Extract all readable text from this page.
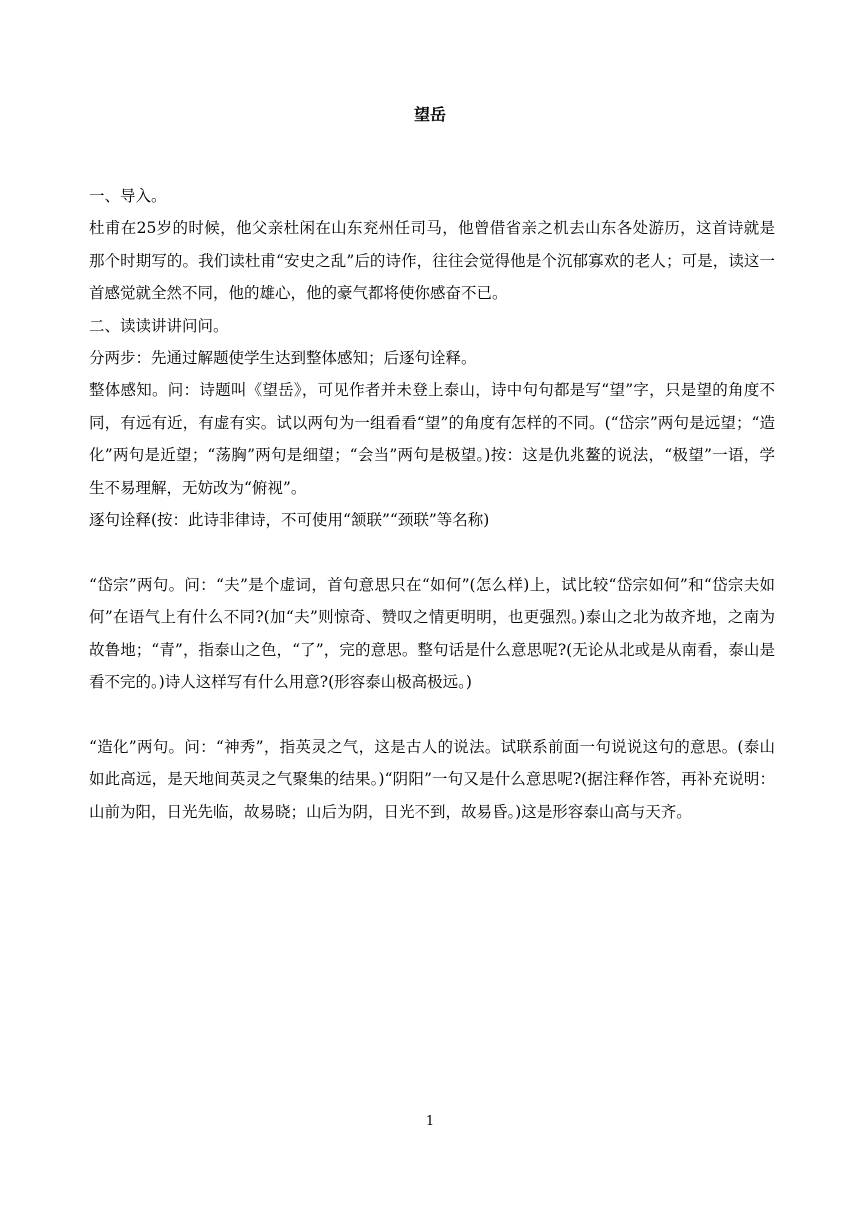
望岳

一、导入。

杜甫在25岁的时候，他父亲杜闲在山东兖州任司马，他曾借省亲之机去山东各处游历，这首诗就是那个时期写的。我们读杜甫“安史之乱”后的诗作，往往会觉得他是个沉郁寡欢的老人；可是，读这一首感觉就全然不同，他的雄心，他的豪气都将使你感奋不已。

二、读读讲讲问问。

分两步：先通过解题使学生达到整体感知；后逐句诠释。

整体感知。问：诗题叫《望岳》，可见作者并未登上泰山，诗中句句都是写“望”字，只是望的角度不同，有远有近，有虚有实。试以两句为一组看看“望”的角度有怎样的不同。(“岱宗”两句是远望；“造化”两句是近望；“荡胸”两句是细望；“会当”两句是极望。)按：这是仇兆鳌的说法，“极望”一语，学生不易理解，无妨改为“俯视”。

逐句诠释(按：此诗非律诗，不可使用“颔联”“颈联”等名称)

“岱宗”两句。问：“夫”是个虚词，首句意思只在“如何”(怎么样)上，试比较“岱宗如何”和“岱宗夫如何”在语气上有什么不同?(加“夫”则惊奇、赞叹之情更明明，也更强烈。)泰山之北为故齐地，之南为故鲁地；“青”，指泰山之色，“了”，完的意思。整句话是什么意思呢?(无论从北或是从南看，泰山是看不完的。)诗人这样写有什么用意?(形容泰山极高极远。)

“造化”两句。问：“神秀”，指英灵之气，这是古人的说法。试联系前面一句说说这句的意思。(泰山如此高远，是天地间英灵之气聚集的结果。)“阴阳”一句又是什么意思呢?(据注释作答，再补充说明：山前为阳，日光先临，故易晓；山后为阴，日光不到，故易昏。)这是形容泰山高与天齐。

1
